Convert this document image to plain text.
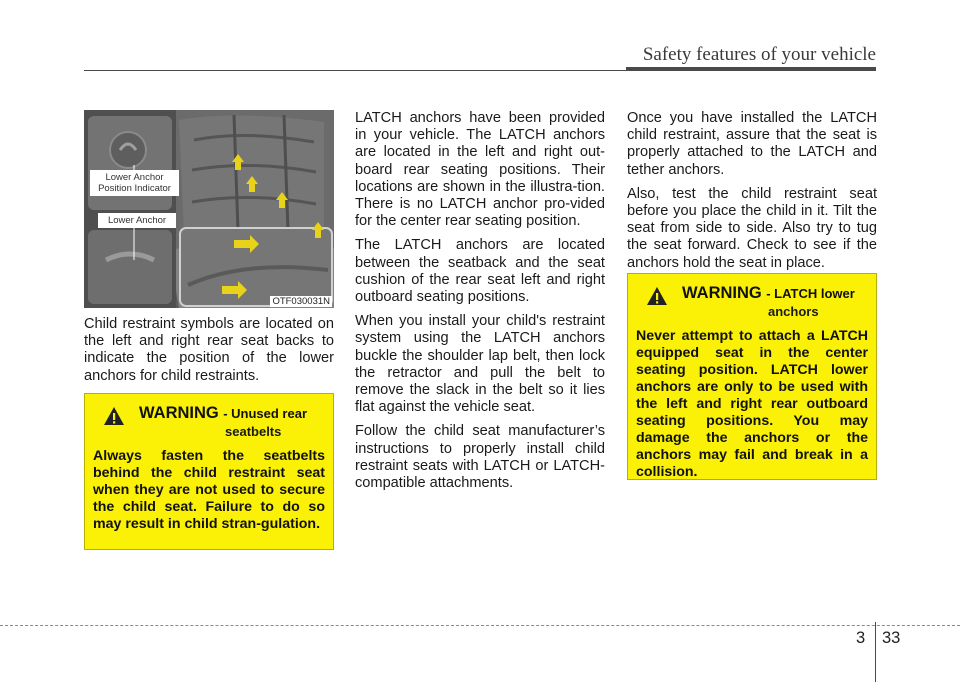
Safety features of your vehicle
Lower Anchor Position Indicator
Lower Anchor
OTF030031N

Child restraint symbols are located on the left and right rear seat backs to indicate the position of the lower anchors for child restraints.

WARNING - Unused rear
seatbelts

Always fasten the seatbelts behind the child restraint seat when they are not used to secure the child seat. Failure to do so may result in child stran-gulation.

LATCH anchors have been provided in your vehicle. The LATCH anchors are located in the left and right out-board rear seating positions. Their locations are shown in the illustra-tion. There is no LATCH anchor pro-vided for the center rear seating position.

The LATCH anchors are located between the seatback and the seat cushion of the rear seat left and right outboard seating positions.

When you install your child's restraint system using the LATCH anchors buckle the shoulder lap belt, then lock the retractor and pull the belt to remove the slack in the belt so it lies flat against the vehicle seat.

Follow the child seat manufacturer’s instructions to properly install child restraint seats with LATCH or LATCH-compatible attachments.

Once you have installed the LATCH child restraint, assure that the seat is properly attached to the LATCH and tether anchors.

Also, test the child restraint seat before you place the child in it. Tilt the seat from side to side. Also try to tug the seat forward. Check to see if the anchors hold the seat in place.

WARNING - LATCH lower
anchors

Never attempt to attach a LATCH equipped seat in the center seating position. LATCH lower anchors are only to be used with the left and right rear outboard seating positions. You may damage the anchors or the anchors may fail and break in a collision.

3 33
